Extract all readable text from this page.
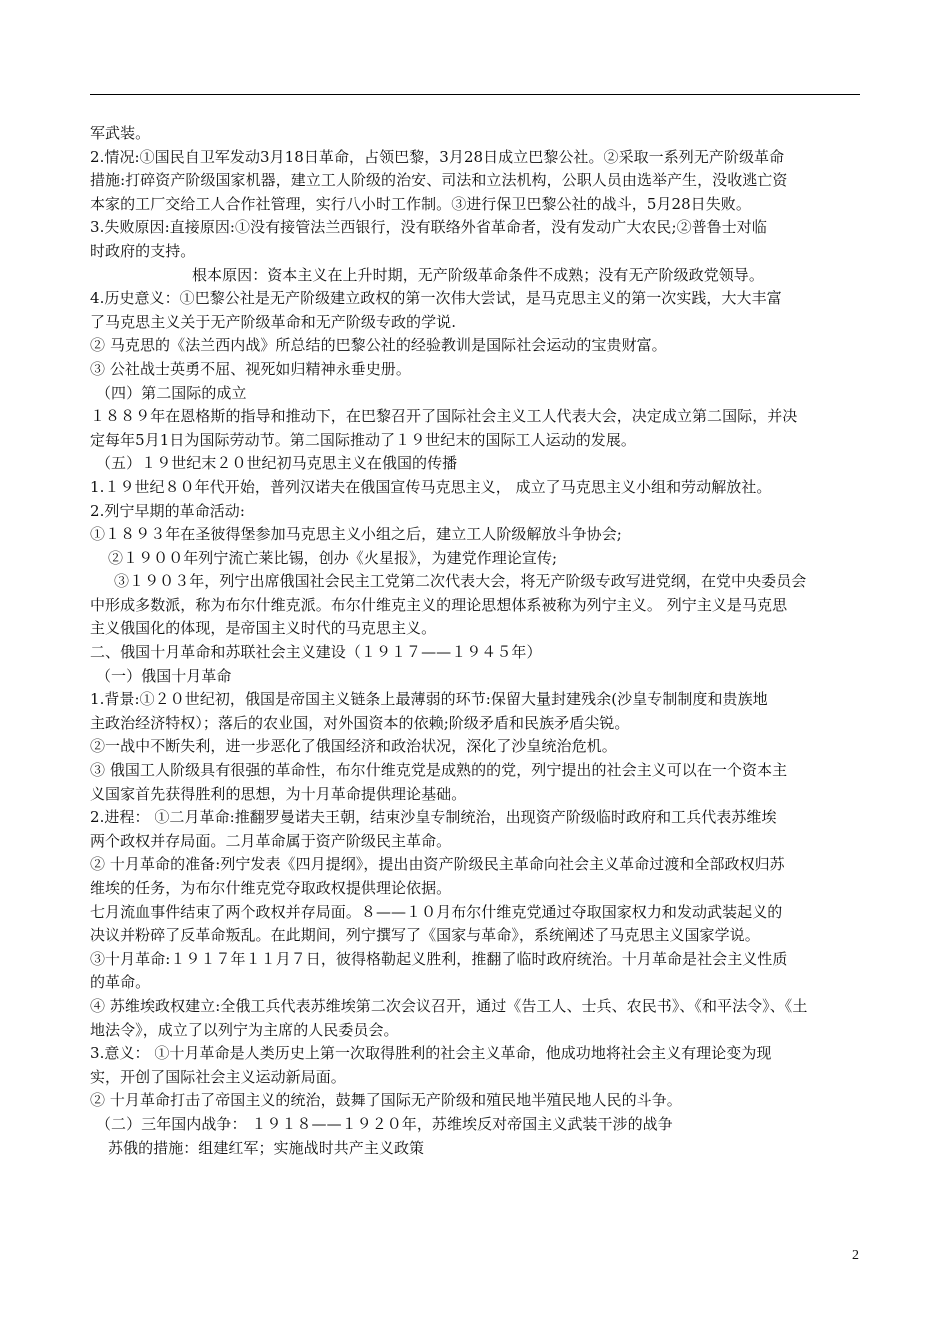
军武装。
2.情况:①国民自卫军发动3月18日革命，占领巴黎，3月28日成立巴黎公社。②采取一系列无产阶级革命
措施:打碎资产阶级国家机器，建立工人阶级的治安、司法和立法机构，公职人员由选举产生，没收逃亡资
本家的工厂交给工人合作社管理，实行八小时工作制。③进行保卫巴黎公社的战斗，5月28日失败。
3.失败原因:直接原因:①没有接管法兰西银行，没有联络外省革命者，没有发动广大农民;②普鲁士对临
时政府的支持。
根本原因：资本主义在上升时期，无产阶级革命条件不成熟；没有无产阶级政党领导。
4.历史意义：①巴黎公社是无产阶级建立政权的第一次伟大尝试，是马克思主义的第一次实践，大大丰富
了马克思主义关于无产阶级革命和无产阶级专政的学说.
② 马克思的《法兰西内战》所总结的巴黎公社的经验教训是国际社会运动的宝贵财富。
③ 公社战士英勇不屈、视死如归精神永垂史册。
（四）第二国际的成立
１８８９年在恩格斯的指导和推动下，在巴黎召开了国际社会主义工人代表大会，决定成立第二国际，并决
定每年5月1日为国际劳动节。第二国际推动了１９世纪末的国际工人运动的发展。
（五）１９世纪末２０世纪初马克思主义在俄国的传播
1.１９世纪８０年代开始，普列汉诺夫在俄国宣传马克思主义， 成立了马克思主义小组和劳动解放社。
2.列宁早期的革命活动:
①１８９３年在圣彼得堡参加马克思主义小组之后，建立工人阶级解放斗争协会;
②１９００年列宁流亡莱比锡，创办《火星报》，为建党作理论宣传;
③１９０３年，列宁出席俄国社会民主工党第二次代表大会，将无产阶级专政写进党纲，在党中央委员会
中形成多数派，称为布尔什维克派。布尔什维克主义的理论思想体系被称为列宁主义。 列宁主义是马克思
主义俄国化的体现，是帝国主义时代的马克思主义。
二、俄国十月革命和苏联社会主义建设（１９１７——１９４５年）
（一）俄国十月革命
1.背景:①２０世纪初，俄国是帝国主义链条上最薄弱的环节:保留大量封建残余(沙皇专制制度和贵族地
主政治经济特权）；落后的农业国，对外国资本的依赖;阶级矛盾和民族矛盾尖锐。
②一战中不断失利，进一步恶化了俄国经济和政治状况，深化了沙皇统治危机。
③ 俄国工人阶级具有很强的革命性，布尔什维克党是成熟的的党，列宁提出的社会主义可以在一个资本主
义国家首先获得胜利的思想，为十月革命提供理论基础。
2.进程： ①二月革命:推翻罗曼诺夫王朝，结束沙皇专制统治，出现资产阶级临时政府和工兵代表苏维埃
两个政权并存局面。二月革命属于资产阶级民主革命。
② 十月革命的准备:列宁发表《四月提纲》，提出由资产阶级民主革命向社会主义革命过渡和全部政权归苏
维埃的任务，为布尔什维克党夺取政权提供理论依据。
七月流血事件结束了两个政权并存局面。８——１０月布尔什维克党通过夺取国家权力和发动武装起义的
决议并粉碎了反革命叛乱。在此期间，列宁撰写了《国家与革命》，系统阐述了马克思主义国家学说。
③十月革命:１９１７年１１月７日，彼得格勒起义胜利，推翻了临时政府统治。十月革命是社会主义性质
的革命。
④ 苏维埃政权建立:全俄工兵代表苏维埃第二次会议召开，通过《告工人、士兵、农民书》、《和平法令》、《土
地法令》，成立了以列宁为主席的人民委员会。
3.意义： ①十月革命是人类历史上第一次取得胜利的社会主义革命，他成功地将社会主义有理论变为现
实，开创了国际社会主义运动新局面。
② 十月革命打击了帝国主义的统治，鼓舞了国际无产阶级和殖民地半殖民地人民的斗争。
（二）三年国内战争： １９１８——１９２０年，苏维埃反对帝国主义武装干涉的战争
苏俄的措施：组建红军；实施战时共产主义政策
2
